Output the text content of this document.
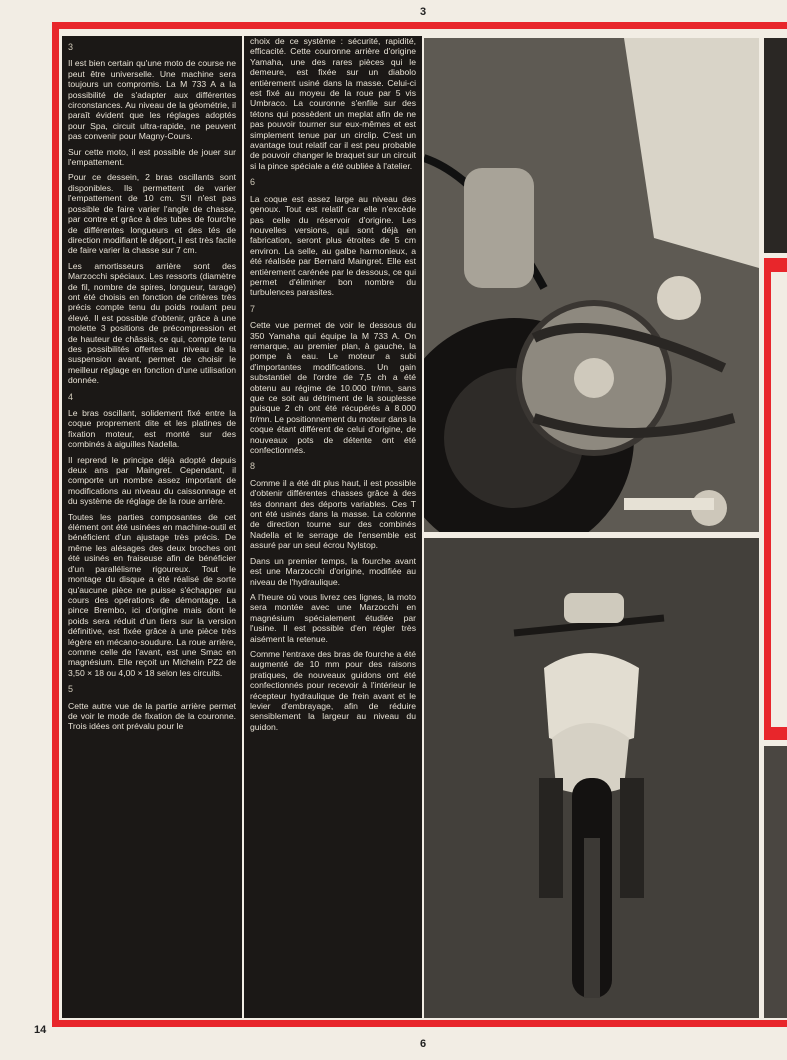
3
3

Il est bien certain qu'une moto de course ne peut être universelle. Une machine sera toujours un compromis. La M 733 A a la possibilité de s'adapter aux différentes circonstances. Au niveau de la géométrie, il paraît évident que les réglages adoptés pour Spa, circuit ultra-rapide, ne peuvent pas convenir pour Magny-Cours.

Sur cette moto, il est possible de jouer sur l'empattement.

Pour ce dessein, 2 bras oscillants sont disponibles. Ils permettent de varier l'empattement de 10 cm. S'il n'est pas possible de faire varier l'angle de chasse, par contre et grâce à des tubes de fourche de différentes longueurs et des tés de direction modifiant le déport, il est très facile de faire varier la chasse sur 7 cm.

Les amortisseurs arrière sont des Marzocchi spéciaux. Les ressorts (diamètre de fil, nombre de spires, longueur, tarage) ont été choisis en fonction de critères très précis compte tenu du poids roulant peu élevé. Il est possible d'obtenir, grâce à une molette 3 positions de précompression et de hauteur de châssis, ce qui, compte tenu des possibilités offertes au niveau de la suspension avant, permet de choisir le meilleur réglage en fonction d'une utilisation donnée.

4

Le bras oscillant, solidement fixé entre la coque proprement dite et les platines de fixation moteur, est monté sur des combinés à aiguilles Nadella.

Il reprend le principe déjà adopté depuis deux ans par Maingret. Cependant, il comporte un nombre assez important de modifications au niveau du caissonnage et du système de réglage de la roue arrière.

Toutes les parties composantes de cet élément ont été usinées en machine-outil et bénéficient d'un ajustage très précis. De même les alésages des deux broches ont été usinés en fraiseuse afin de bénéficier d'un parallélisme rigoureux. Tout le montage du disque a été réalisé de sorte qu'aucune pièce ne puisse s'échapper au cours des opérations de démontage. La pince Brembo, ici d'origine mais dont le poids sera réduit d'un tiers sur la version définitive, est fixée grâce à une pièce très légère en mécano-soudure. La roue arrière, comme celle de l'avant, est une Smac en magnésium. Elle reçoit un Michelin PZ2 de 3,50 × 18 ou 4,00 × 18 selon les circuits.

5

Cette autre vue de la partie arrière permet de voir le mode de fixation de la couronne. Trois idées ont prévalu pour le

choix de ce système : sécurité, rapidité, efficacité. Cette couronne arrière d'origine Yamaha, une des rares pièces qui le demeure, est fixée sur un diabolo entièrement usiné dans la masse. Celui-ci est fixé au moyeu de la roue par 5 vis Umbraco. La couronne s'enfile sur des tétons qui possèdent un meplat afin de ne pas pouvoir tourner sur eux-mêmes et est simplement tenue par un circlip. C'est un avantage tout relatif car il est peu probable de pouvoir changer le braquet sur un circuit si la pince spéciale a été oubliée à l'atelier.

6

La coque est assez large au niveau des genoux. Tout est relatif car elle n'excède pas celle du réservoir d'origine. Les nouvelles versions, qui sont déjà en fabrication, seront plus étroites de 5 cm environ. La selle, au galbe harmonieux, a été réalisée par Bernard Maingret. Elle est entièrement carénée par le dessous, ce qui permet d'éliminer bon nombre du turbulences parasites.

7

Cette vue permet de voir le dessous du 350 Yamaha qui équipe la M 733 A. On remarque, au premier plan, à gauche, la pompe à eau. Le moteur a subi d'importantes modifications. Un gain substantiel de l'ordre de 7,5 ch a été obtenu au régime de 10.000 tr/mn, sans que ce soit au détriment de la souplesse puisque 2 ch ont été récupérés à 8.000 tr/mn. Le positionnement du moteur dans la coque étant différent de celui d'origine, de nouveaux pots de détente ont été confectionnés.

8

Comme il a été dit plus haut, il est possible d'obtenir différentes chasses grâce à des tés donnant des déports variables. Ces T ont été usinés dans la masse. La colonne de direction tourne sur des combinés Nadella et le serrage de l'ensemble est assuré par un seul écrou Nylstop.

Dans un premier temps, la fourche avant est une Marzocchi d'origine, modifiée au niveau de l'hydraulique.

A l'heure où vous livrez ces lignes, la moto sera montée avec une Marzocchi en magnésium spécialement étudiée par l'usine. Il est possible d'en régler très aisément la retenue.

Comme l'entraxe des bras de fourche a été augmenté de 10 mm pour des raisons pratiques, de nouveaux guidons ont été confectionnés pour recevoir à l'intérieur le récepteur hydraulique de frein avant et le levier d'embrayage, afin de réduire sensiblement la largeur au niveau du guidon.

14
6
